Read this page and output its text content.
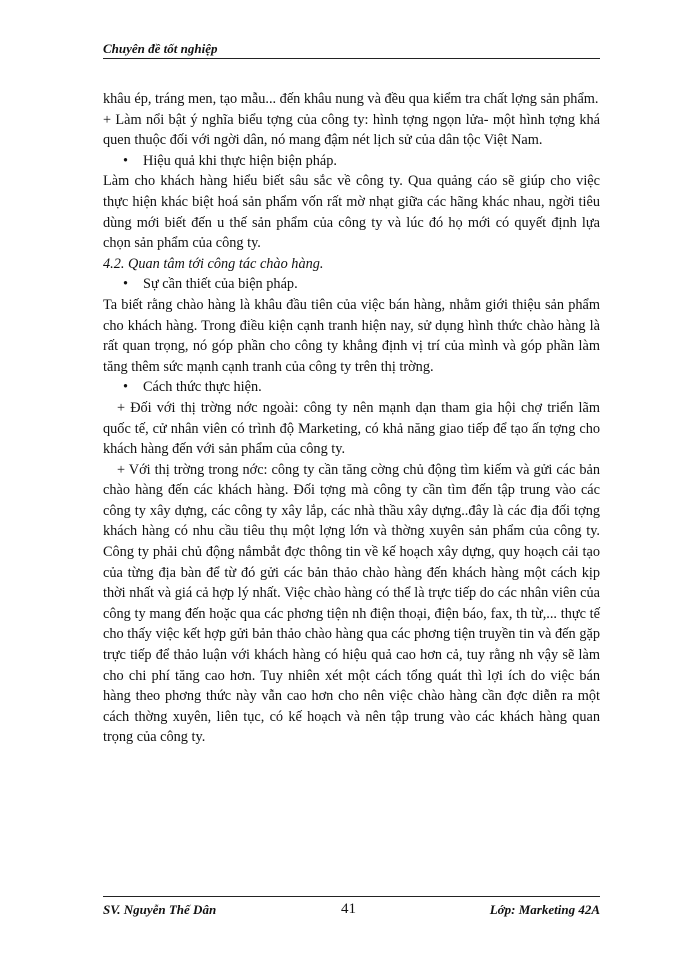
Chuyên đề tốt nghiệp

khâu ép, tráng men, tạo mẫu... đến khâu nung và đều qua kiểm tra chất lợng sản phẩm.

+ Làm nổi bật ý nghĩa biểu tợng của công ty: hình tợng ngọn lửa- một hình tợng khá quen thuộc đối với ngời dân, nó mang đậm nét lịch sử của dân tộc Việt Nam.

•	Hiệu quả khi thực hiện biện pháp.

Làm cho khách hàng hiểu biết sâu sắc về công ty. Qua quảng cáo sẽ giúp cho việc thực hiện khác biệt hoá sản phẩm vốn rất mờ nhạt giữa các hãng khác nhau, ngời tiêu dùng mới biết đến u thế sản phẩm của công ty và lúc đó họ mới có quyết định lựa chọn sản phẩm của công ty.

4.2. Quan tâm tới công tác chào hàng.

•	Sự cần thiết của biện pháp.

Ta biết rằng chào hàng là khâu đầu tiên của việc bán hàng, nhằm giới thiệu sản phẩm cho khách hàng. Trong điều kiện cạnh tranh hiện nay, sử dụng hình thức chào hàng là rất quan trọng, nó góp phần cho công ty khẳng định vị trí của mình và góp phần làm tăng thêm sức mạnh cạnh tranh của công ty trên thị trờng.

•	Cách thức thực hiện.

+ Đối với thị trờng nớc ngoài: công ty nên mạnh dạn tham gia hội chợ triển lãm quốc tế, cử nhân viên có trình độ Marketing, có khả năng giao tiếp để tạo ấn tợng cho khách hàng đến với sản phẩm của công ty.

+ Với thị trờng trong nớc: công ty cần tăng cờng chủ động tìm kiếm và gửi các bản chào hàng đến các khách hàng. Đối tợng mà công ty cần tìm đến tập trung vào các công ty xây dựng, các công ty xây lắp, các nhà thầu xây dựng..đây là các địa đối tợng khách hàng có nhu cầu tiêu thụ một lợng lớn và thờng xuyên sản phẩm của công ty. Công ty phải chủ động nắmbắt đợc thông tin về kế hoạch xây dựng, quy hoạch cải tạo của từng địa bàn để từ đó gửi các bản thảo chào hàng đến khách hàng một cách kịp thời nhất và giá cả hợp lý nhất. Việc chào hàng có thể là trực tiếp do các nhân viên của công ty mang đến hoặc qua các phơng tiện nh điện thoại, điện báo, fax, th từ,... thực tế cho thấy việc kết hợp gửi bản thảo chào hàng qua các phơng tiện truyền tin và đến gặp trực tiếp để thảo luận với khách hàng có hiệu quả cao hơn cả, tuy rằng nh vậy sẽ làm cho chi phí tăng cao hơn. Tuy nhiên xét một cách tổng quát thì lợi ích do việc bán hàng theo phơng thức này vẫn cao hơn cho nên việc chào hàng cần đợc diễn ra một cách thờng xuyên, liên tục, có kế hoạch và nên tập trung vào các khách hàng quan trọng của công ty.

SV. Nguyễn Thế Dân	41	Lớp: Marketing 42A
